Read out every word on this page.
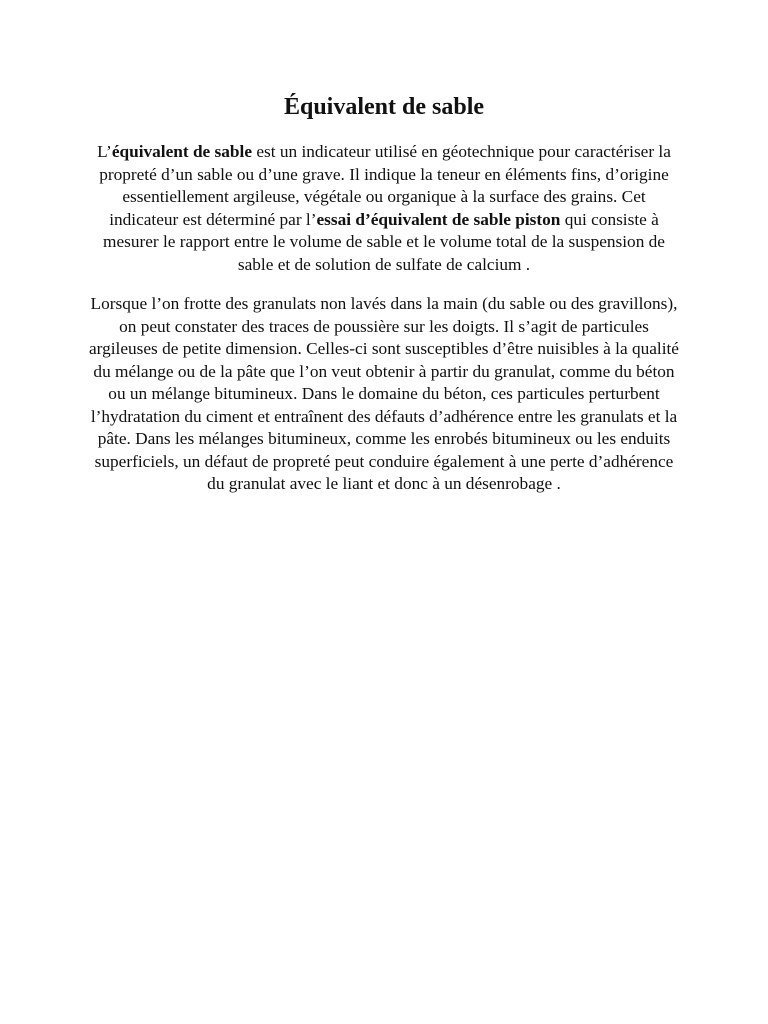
Équivalent de sable

L’équivalent de sable est un indicateur utilisé en géotechnique pour caractériser la propreté d’un sable ou d’une grave. Il indique la teneur en éléments fins, d’origine essentiellement argileuse, végétale ou organique à la surface des grains. Cet indicateur est déterminé par l’essai d’équivalent de sable piston qui consiste à mesurer le rapport entre le volume de sable et le volume total de la suspension de sable et de solution de sulfate de calcium .

Lorsque l’on frotte des granulats non lavés dans la main (du sable ou des gravillons), on peut constater des traces de poussière sur les doigts. Il s’agit de particules argileuses de petite dimension. Celles-ci sont susceptibles d’être nuisibles à la qualité du mélange ou de la pâte que l’on veut obtenir à partir du granulat, comme du béton ou un mélange bitumineux. Dans le domaine du béton, ces particules perturbent l’hydratation du ciment et entraînent des défauts d’adhérence entre les granulats et la pâte. Dans les mélanges bitumineux, comme les enrobés bitumineux ou les enduits superficiels, un défaut de propreté peut conduire également à une perte d’adhérence du granulat avec le liant et donc à un désenrobage .
